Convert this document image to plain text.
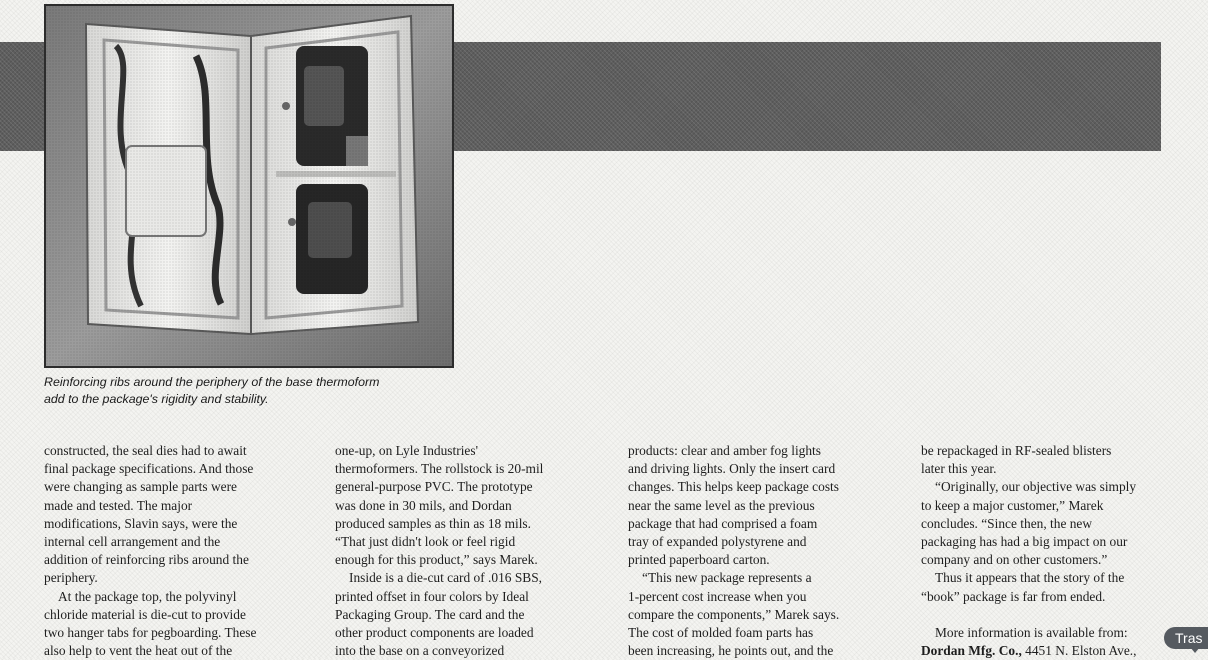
Reinforcing ribs around the periphery of the base thermoform
add to the package's rigidity and stability.
constructed, the seal dies had to await
final package specifications. And those
were changing as sample parts were
made and tested. The major
modifications, Slavin says, were the
internal cell arrangement and the
addition of reinforcing ribs around the
periphery.
At the package top, the polyvinyl
chloride material is die-cut to provide
two hanger tabs for pegboarding. These
also help to vent the heat out of the
one-up, on Lyle Industries'
thermoformers. The rollstock is 20-mil
general-purpose PVC. The prototype
was done in 30 mils, and Dordan
produced samples as thin as 18 mils.
“That just didn't look or feel rigid
enough for this product,” says Marek.
Inside is a die-cut card of .016 SBS,
printed offset in four colors by Ideal
Packaging Group. The card and the
other product components are loaded
into the base on a conveyorized
products: clear and amber fog lights
and driving lights. Only the insert card
changes. This helps keep package costs
near the same level as the previous
package that had comprised a foam
tray of expanded polystyrene and
printed paperboard carton.
“This new package represents a
1-percent cost increase when you
compare the components,” Marek says.
The cost of molded foam parts has
been increasing, he points out, and the
be repackaged in RF-sealed blisters
later this year.
“Originally, our objective was simply
to keep a major customer,” Marek
concludes. “Since then, the new
packaging has had a big impact on our
company and on other customers.”
Thus it appears that the story of the
“book” package is far from ended.
More information is available from:
Dordan Mfg. Co., 4451 N. Elston Ave.,
Tras
